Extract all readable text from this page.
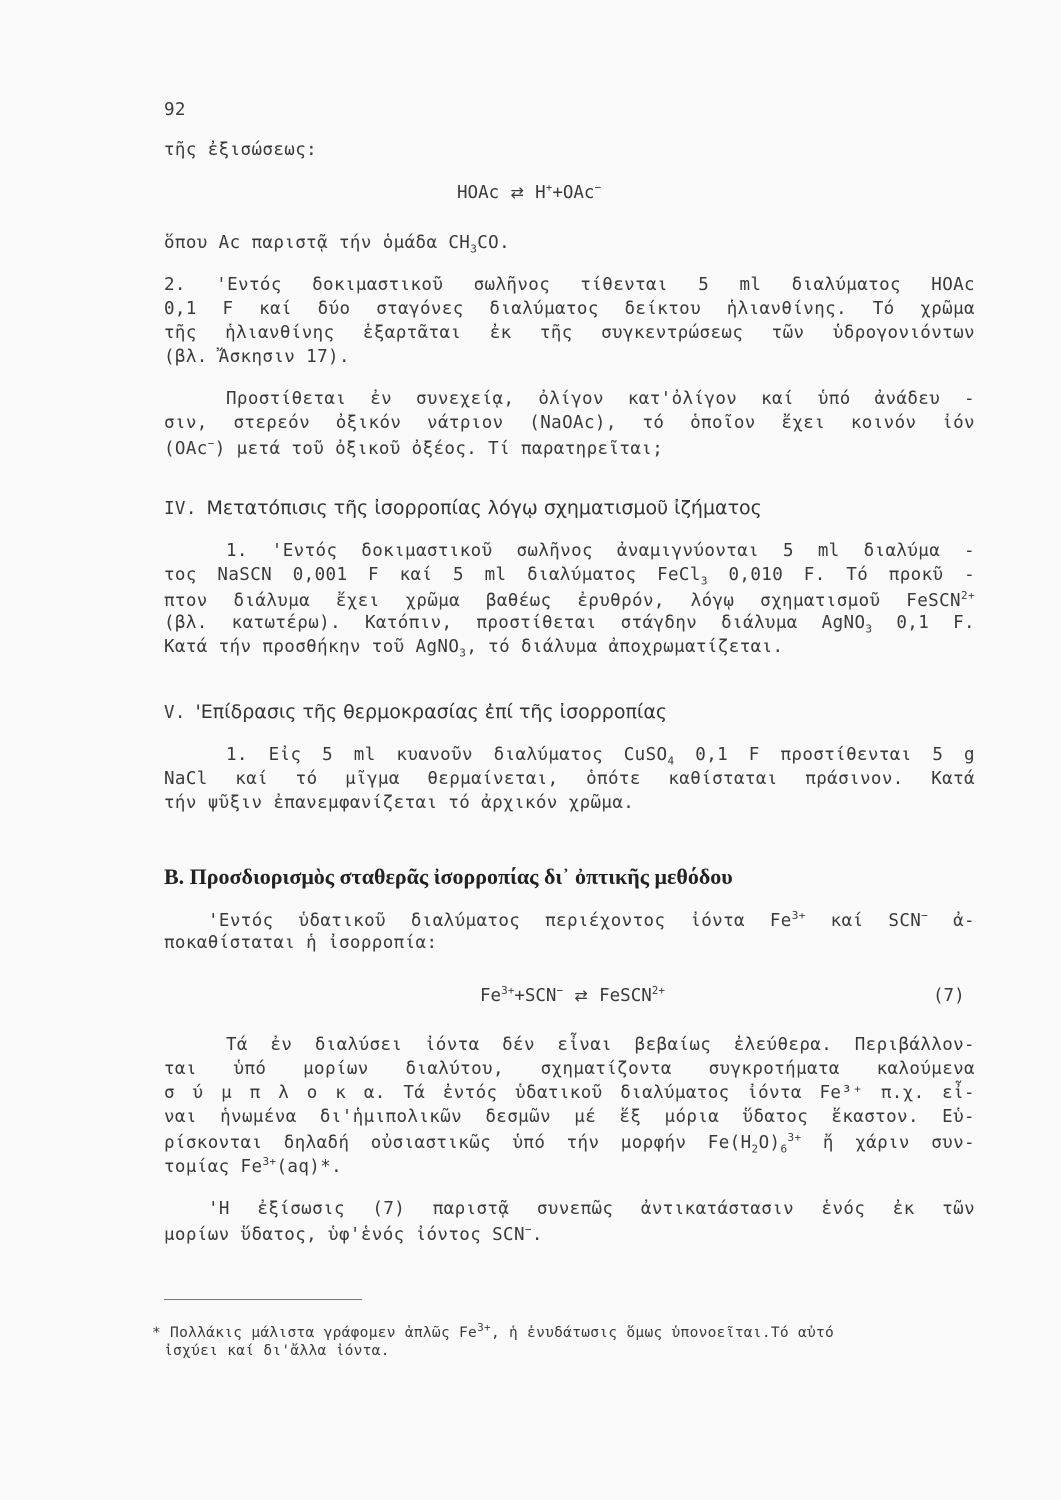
92
τῆς ἐξισώσεως:
HOAc ⇄ H++OAc−
ὅπου Ac παριστᾷ τήν ὁμάδα $CH_3CO$.
2. 'Εντός δοκιμαστικοῦ σωλῆνος τίθενται 5 ml διαλύματος HOAc
0,1 F καί δύο σταγόνες διαλύματος δείκτου ἡλιανθίνης. Τό χρῶμα
τῆς ἡλιανθίνης ἐξαρτᾶται ἐκ τῆς συγκεντρώσεως τῶν ὑδρογονιόντων
(βλ. Ἄσκησιν 17).
Προστίθεται ἐν συνεχείᾳ, ὀλίγον κατ'ὀλίγον καί ὑπό ἀνάδευ -
σιν, στερεόν ὀξικόν νάτριον (NaOAc), τό ὁποῖον ἔχει κοινόν ἰόν
(OAc−) μετά τοῦ ὀξικοῦ ὀξέος. Τί παρατηρεῖται;
IV. Μετατόπισις τῆς ἰσορροπίας λόγῳ σχηματισμοῦ ἰζήματος
1. 'Εντός δοκιμαστικοῦ σωλῆνος ἀναμιγνύονται 5 ml διαλύμα -
τος NaSCN 0,001 F καί 5 ml διαλύματος FeCl$_3$ 0,010 F. Τό προκῦ -
πτον διάλυμα ἔχει χρῶμα βαθέως ἐρυθρόν, λόγῳ σχηματισμοῦ FeSCN$^{2+}$
(βλ. κατωτέρω). Κατόπιν, προστίθεται στάγδην διάλυμα AgNO$_3$ 0,1 F.
Κατά τήν προσθήκην τοῦ AgNO$_3$, τό διάλυμα ἀποχρωματίζεται.
V. 'Επίδρασις τῆς θερμοκρασίας ἐπί τῆς ἰσορροπίας
1. Εἰς 5 ml κυανοῦν διαλύματος CuSO$_4$ 0,1 F προστίθενται 5 g
NaCl καί τό μῖγμα θερμαίνεται, ὁπότε καθίσταται πράσινον. Κατά
τήν ψῦξιν ἐπανεμφανίζεται τό ἀρχικόν χρῶμα.
Β. Προσδιορισμὸς σταθερᾶς ἰσορροπίας δι᾽ ὀπτικῆς μεθόδου
'Εντός ὑδατικοῦ διαλύματος περιέχοντος ἰόντα $Fe^{3+}$ καί SCN− ἀ-
ποκαθίσταται ἡ ἰσορροπία:
$Fe^{3+}+SCN^-$ ⇄ FeSCN$^{2+}$	(7)
Τά ἐν διαλύσει ἰόντα δέν εἶναι βεβαίως ἐλεύθερα. Περιβάλλον-
ται ὑπό μορίων διαλύτου, σχηματίζοντα συγκροτήματα καλούμενα
σ ύ μ π λ ο κ α. Τά ἐντός ὑδατικοῦ διαλύματος ἰόντα Fe³⁺ π.χ. εἶ-
ναι ἡνωμένα δι'ἡμιπολικῶν δεσμῶν μέ ἕξ μόρια ὕδατος ἕκαστον. Εὑ-
ρίσκονται δηλαδή οὐσιαστικῶς ὑπό τήν μορφήν $Fe(H_2O)_6^{3+}$ ἤ χάριν συν-
τομίας $Fe^{3+}(aq)*$.
'Η ἐξίσωσις (7) παριστᾷ συνεπῶς ἀντικατάστασιν ἑνός ἐκ τῶν
μορίων ὕδατος, ὑφ'ἑνός ἰόντος SCN−.
* Πολλάκις μάλιστα γράφομεν ἁπλῶς $Fe^{3+}$, ἡ ἐνυδάτωσις ὅμως ὑπονοεῖται.Τό αὐτό
ἰσχύει καί δι'ἄλλα ἰόντα.
